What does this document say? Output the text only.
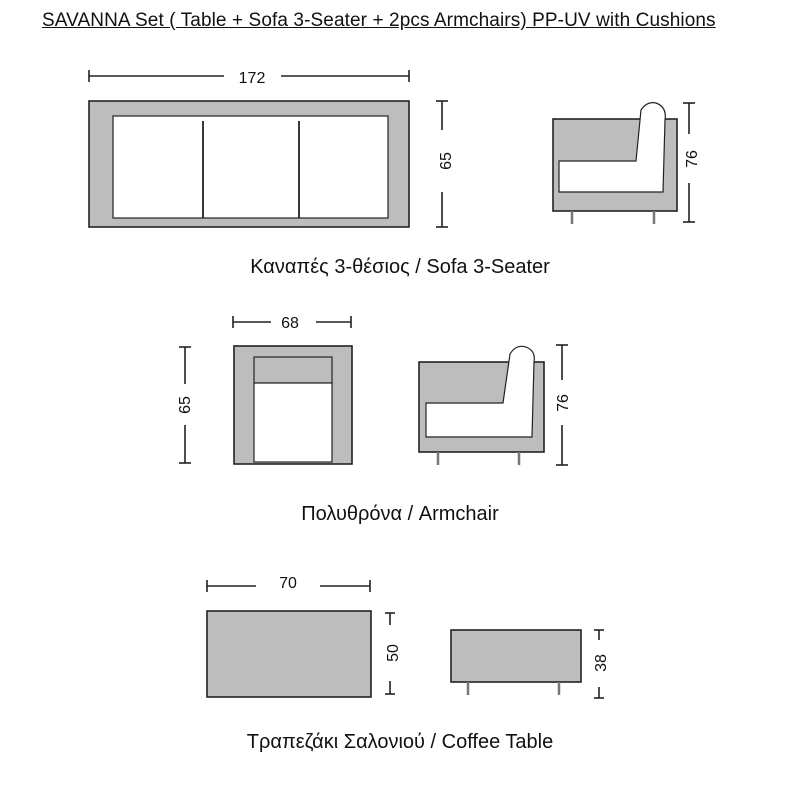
SAVANNA Set ( Table + Sofa 3-Seater + 2pcs Armchairs) PP-UV with Cushions
172
65	76
68
65	76
70
50
38
Καναπές 3-θέσιος / Sofa 3-Seater
Πολυθρόνα / Armchair
Τραπεζάκι Σαλονιού / Coffee Table
